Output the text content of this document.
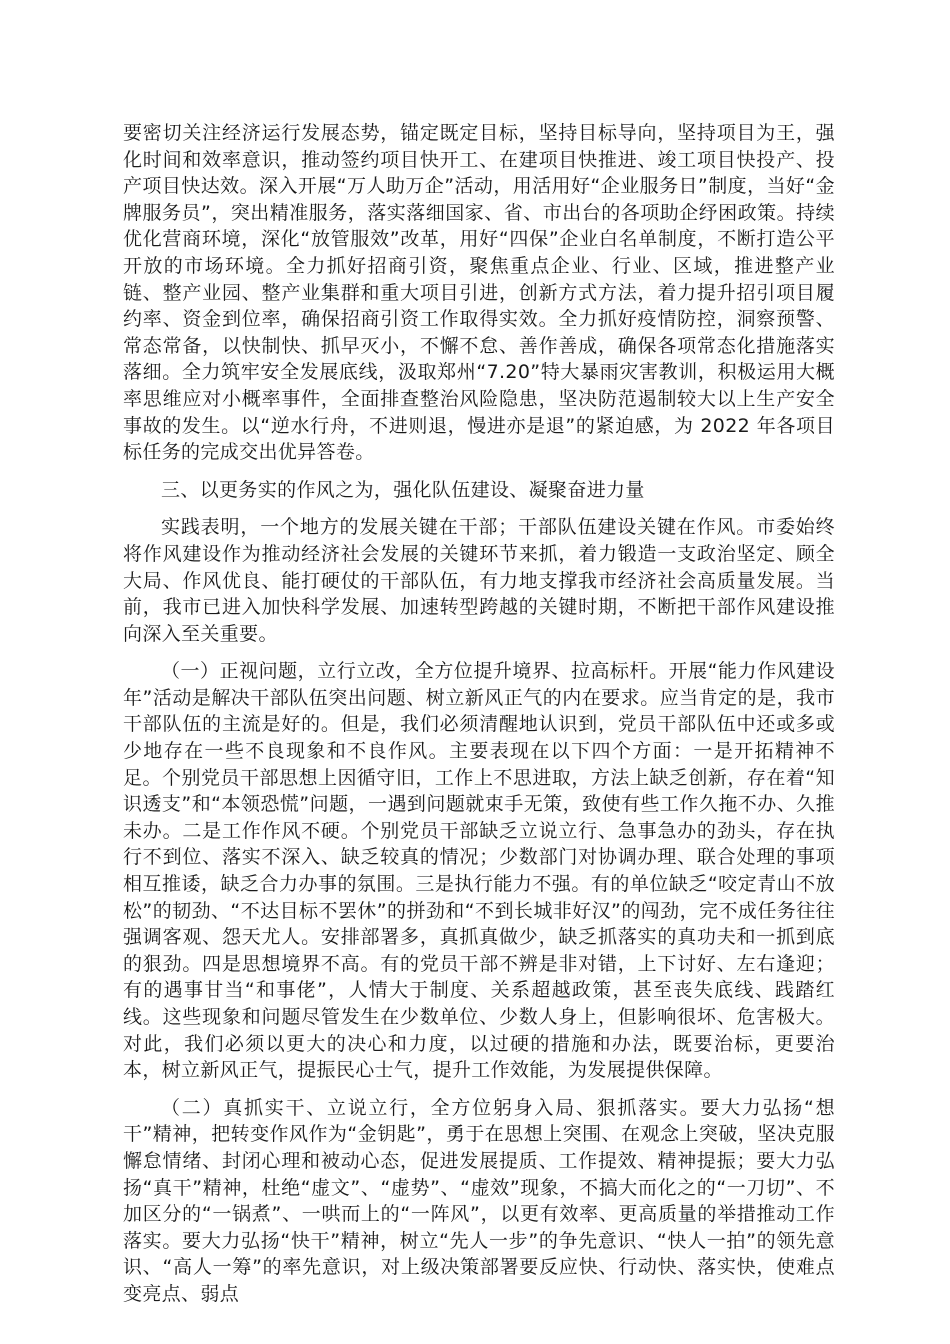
要密切关注经济运行发展态势，锚定既定目标，坚持目标导向，坚持项目为王，强化时间和效率意识，推动签约项目快开工、在建项目快推进、竣工项目快投产、投产项目快达效。深入开展“万人助万企”活动，用活用好“企业服务日”制度，当好“金牌服务员”，突出精准服务，落实落细国家、省、市出台的各项助企纾困政策。持续优化营商环境，深化“放管服效”改革，用好“四保”企业白名单制度，不断打造公平开放的市场环境。全力抓好招商引资，聚焦重点企业、行业、区域，推进整产业链、整产业园、整产业集群和重大项目引进，创新方式方法，着力提升招引项目履约率、资金到位率，确保招商引资工作取得实效。全力抓好疫情防控，洞察预警、常态常备，以快制快、抓早灭小，不懈不怠、善作善成，确保各项常态化措施落实落细。全力筑牢安全发展底线，汲取郑州“7.20”特大暴雨灾害教训，积极运用大概率思维应对小概率事件，全面排查整治风险隐患，坚决防范遏制较大以上生产安全事故的发生。以“逆水行舟，不进则退，慢进亦是退”的紧迫感，为 2022 年各项目标任务的完成交出优异答卷。

三、以更务实的作风之为，强化队伍建设、凝聚奋进力量

实践表明，一个地方的发展关键在干部；干部队伍建设关键在作风。市委始终将作风建设作为推动经济社会发展的关键环节来抓，着力锻造一支政治坚定、顾全大局、作风优良、能打硬仗的干部队伍，有力地支撑我市经济社会高质量发展。当前，我市已进入加快科学发展、加速转型跨越的关键时期，不断把干部作风建设推向深入至关重要。

（一）正视问题，立行立改，全方位提升境界、拉高标杆。开展“能力作风建设年”活动是解决干部队伍突出问题、树立新风正气的内在要求。应当肯定的是，我市干部队伍的主流是好的。但是，我们必须清醒地认识到，党员干部队伍中还或多或少地存在一些不良现象和不良作风。主要表现在以下四个方面：一是开拓精神不足。个别党员干部思想上因循守旧，工作上不思进取，方法上缺乏创新，存在着“知识透支”和“本领恐慌”问题，一遇到问题就束手无策，致使有些工作久拖不办、久推未办。二是工作作风不硬。个别党员干部缺乏立说立行、急事急办的劲头，存在执行不到位、落实不深入、缺乏较真的情况；少数部门对协调办理、联合处理的事项相互推诿，缺乏合力办事的氛围。三是执行能力不强。有的单位缺乏“咬定青山不放松”的韧劲、“不达目标不罢休”的拼劲和“不到长城非好汉”的闯劲，完不成任务往往强调客观、怨天尤人。安排部署多，真抓真做少，缺乏抓落实的真功夫和一抓到底的狠劲。四是思想境界不高。有的党员干部不辨是非对错，上下讨好、左右逢迎；有的遇事甘当“和事佬”，人情大于制度、关系超越政策，甚至丧失底线、践踏红线。这些现象和问题尽管发生在少数单位、少数人身上，但影响很坏、危害极大。对此，我们必须以更大的决心和力度，以过硬的措施和办法，既要治标，更要治本，树立新风正气，提振民心士气，提升工作效能，为发展提供保障。

（二）真抓实干、立说立行，全方位躬身入局、狠抓落实。要大力弘扬“想干”精神，把转变作风作为“金钥匙”，勇于在思想上突围、在观念上突破，坚决克服懈怠情绪、封闭心理和被动心态，促进发展提质、工作提效、精神提振；要大力弘扬“真干”精神，杜绝“虚文”、“虚势”、“虚效”现象，不搞大而化之的“一刀切”、不加区分的“一锅煮”、一哄而上的“一阵风”，以更有效率、更高质量的举措推动工作落实。要大力弘扬“快干”精神，树立“先人一步”的争先意识、“快人一拍”的领先意识、“高人一筹”的率先意识，对上级决策部署要反应快、行动快、落实快，使难点变亮点、弱点
